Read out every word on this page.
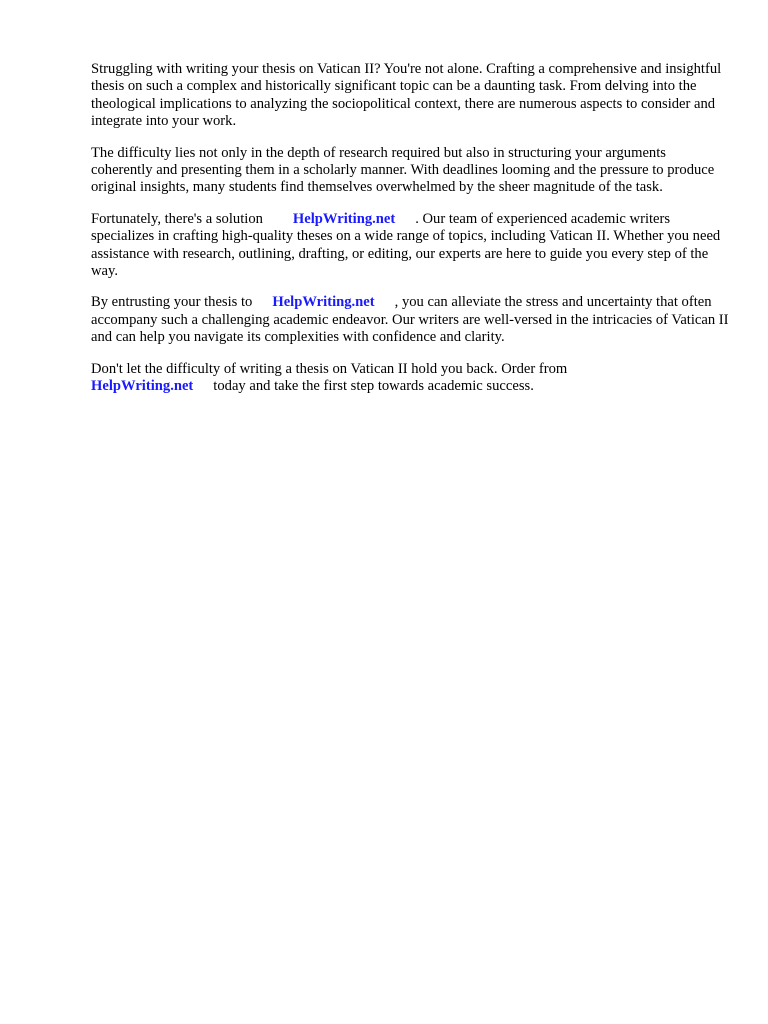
Struggling with writing your thesis on Vatican II? You're not alone. Crafting a comprehensive and insightful thesis on such a complex and historically significant topic can be a daunting task. From delving into the theological implications to analyzing the sociopolitical context, there are numerous aspects to consider and integrate into your work.

The difficulty lies not only in the depth of research required but also in structuring your arguments coherently and presenting them in a scholarly manner. With deadlines looming and the pressure to produce original insights, many students find themselves overwhelmed by the sheer magnitude of the task.

Fortunately, there's a solution HelpWriting.net . Our team of experienced academic writers specializes in crafting high-quality theses on a wide range of topics, including Vatican II. Whether you need assistance with research, outlining, drafting, or editing, our experts are here to guide you every step of the way.

By entrusting your thesis to HelpWriting.net , you can alleviate the stress and uncertainty that often accompany such a challenging academic endeavor. Our writers are well-versed in the intricacies of Vatican II and can help you navigate its complexities with confidence and clarity.

Don't let the difficulty of writing a thesis on Vatican II hold you back. Order from
HelpWriting.net today and take the first step towards academic success.
